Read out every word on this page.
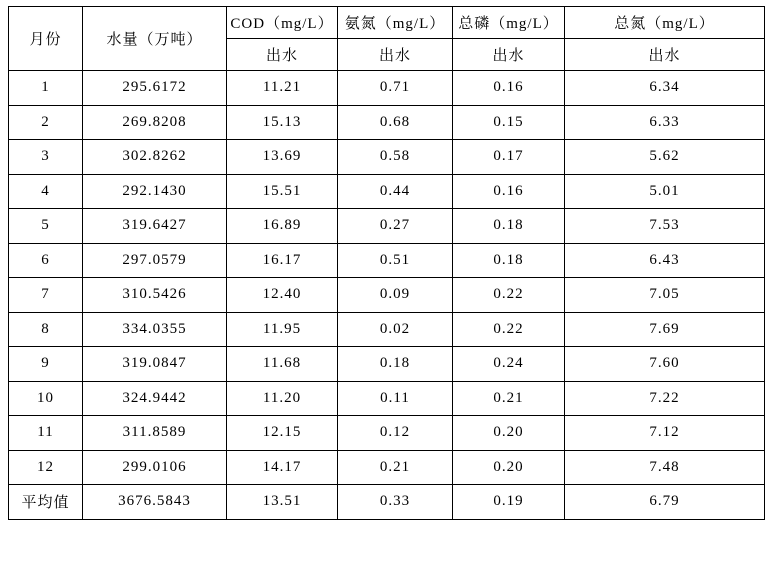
月份	水量（万吨）	COD（mg/L）	氨氮（mg/L）	总磷（mg/L）	总氮（mg/L）
		出水	出水	出水	出水
1	295.6172	11.21	0.71	0.16	6.34
2	269.8208	15.13	0.68	0.15	6.33
3	302.8262	13.69	0.58	0.17	5.62
4	292.1430	15.51	0.44	0.16	5.01
5	319.6427	16.89	0.27	0.18	7.53
6	297.0579	16.17	0.51	0.18	6.43
7	310.5426	12.40	0.09	0.22	7.05
8	334.0355	11.95	0.02	0.22	7.69
9	319.0847	11.68	0.18	0.24	7.60
10	324.9442	11.20	0.11	0.21	7.22
11	311.8589	12.15	0.12	0.20	7.12
12	299.0106	14.17	0.21	0.20	7.48
平均值	3676.5843	13.51	0.33	0.19	6.79
